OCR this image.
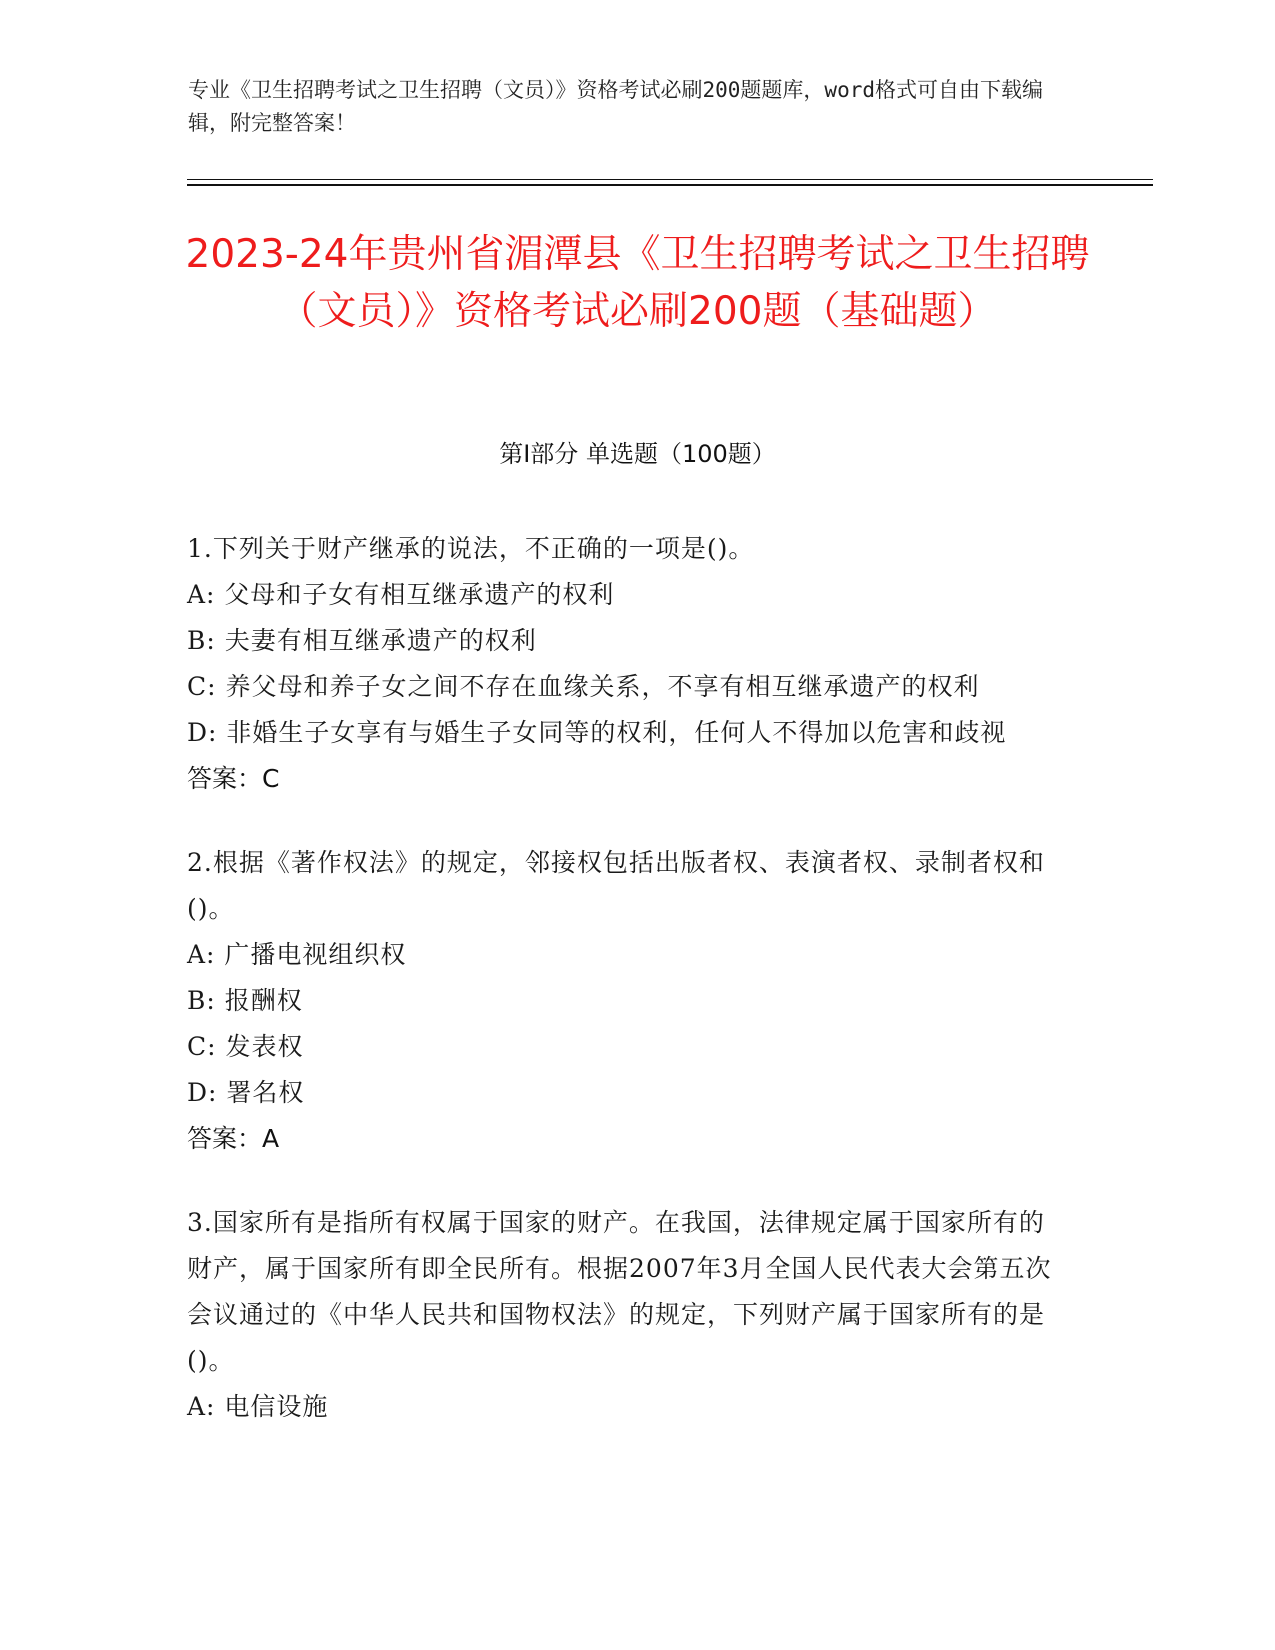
专业《卫生招聘考试之卫生招聘（文员）》资格考试必刷200题题库，word格式可自由下载编辑，附完整答案！
2023-24年贵州省湄潭县《卫生招聘考试之卫生招聘（文员）》资格考试必刷200题（基础题）
第I部分 单选题（100题）

1.下列关于财产继承的说法，不正确的一项是()。

A: 父母和子女有相互继承遗产的权利

B: 夫妻有相互继承遗产的权利

C: 养父母和养子女之间不存在血缘关系，不享有相互继承遗产的权利

D: 非婚生子女享有与婚生子女同等的权利，任何人不得加以危害和歧视

答案：C

2.根据《著作权法》的规定，邻接权包括出版者权、表演者权、录制者权和()。

A: 广播电视组织权

B: 报酬权

C: 发表权

D: 署名权

答案：A

3.国家所有是指所有权属于国家的财产。在我国，法律规定属于国家所有的财产，属于国家所有即全民所有。根据2007年3月全国人民代表大会第五次会议通过的《中华人民共和国物权法》的规定，下列财产属于国家所有的是()。

A: 电信设施
